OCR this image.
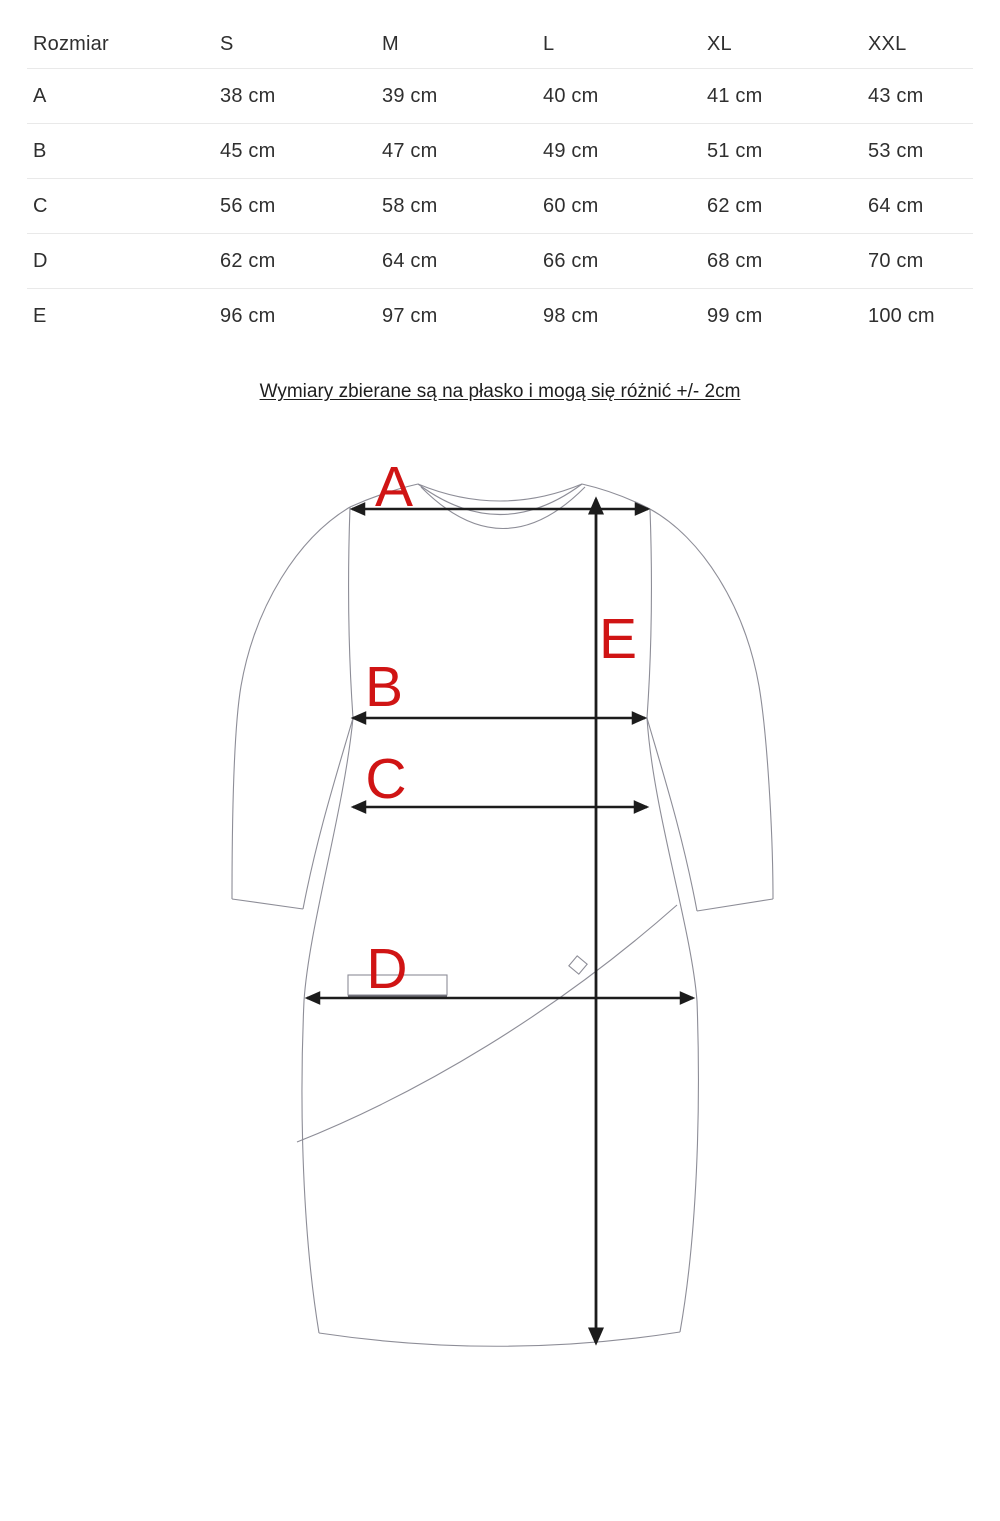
Rozmiar	S	M	L	XL	XXL
A	38 cm	39 cm	40 cm	41 cm	43 cm
B	45 cm	47 cm	49 cm	51 cm	53 cm
C	56 cm	58 cm	60 cm	62 cm	64 cm
D	62 cm	64 cm	66 cm	68 cm	70 cm
E	96 cm	97 cm	98 cm	99 cm	100 cm
Wymiary zbierane są na płasko i mogą się różnić +/- 2cm
A
B
C
D
E
